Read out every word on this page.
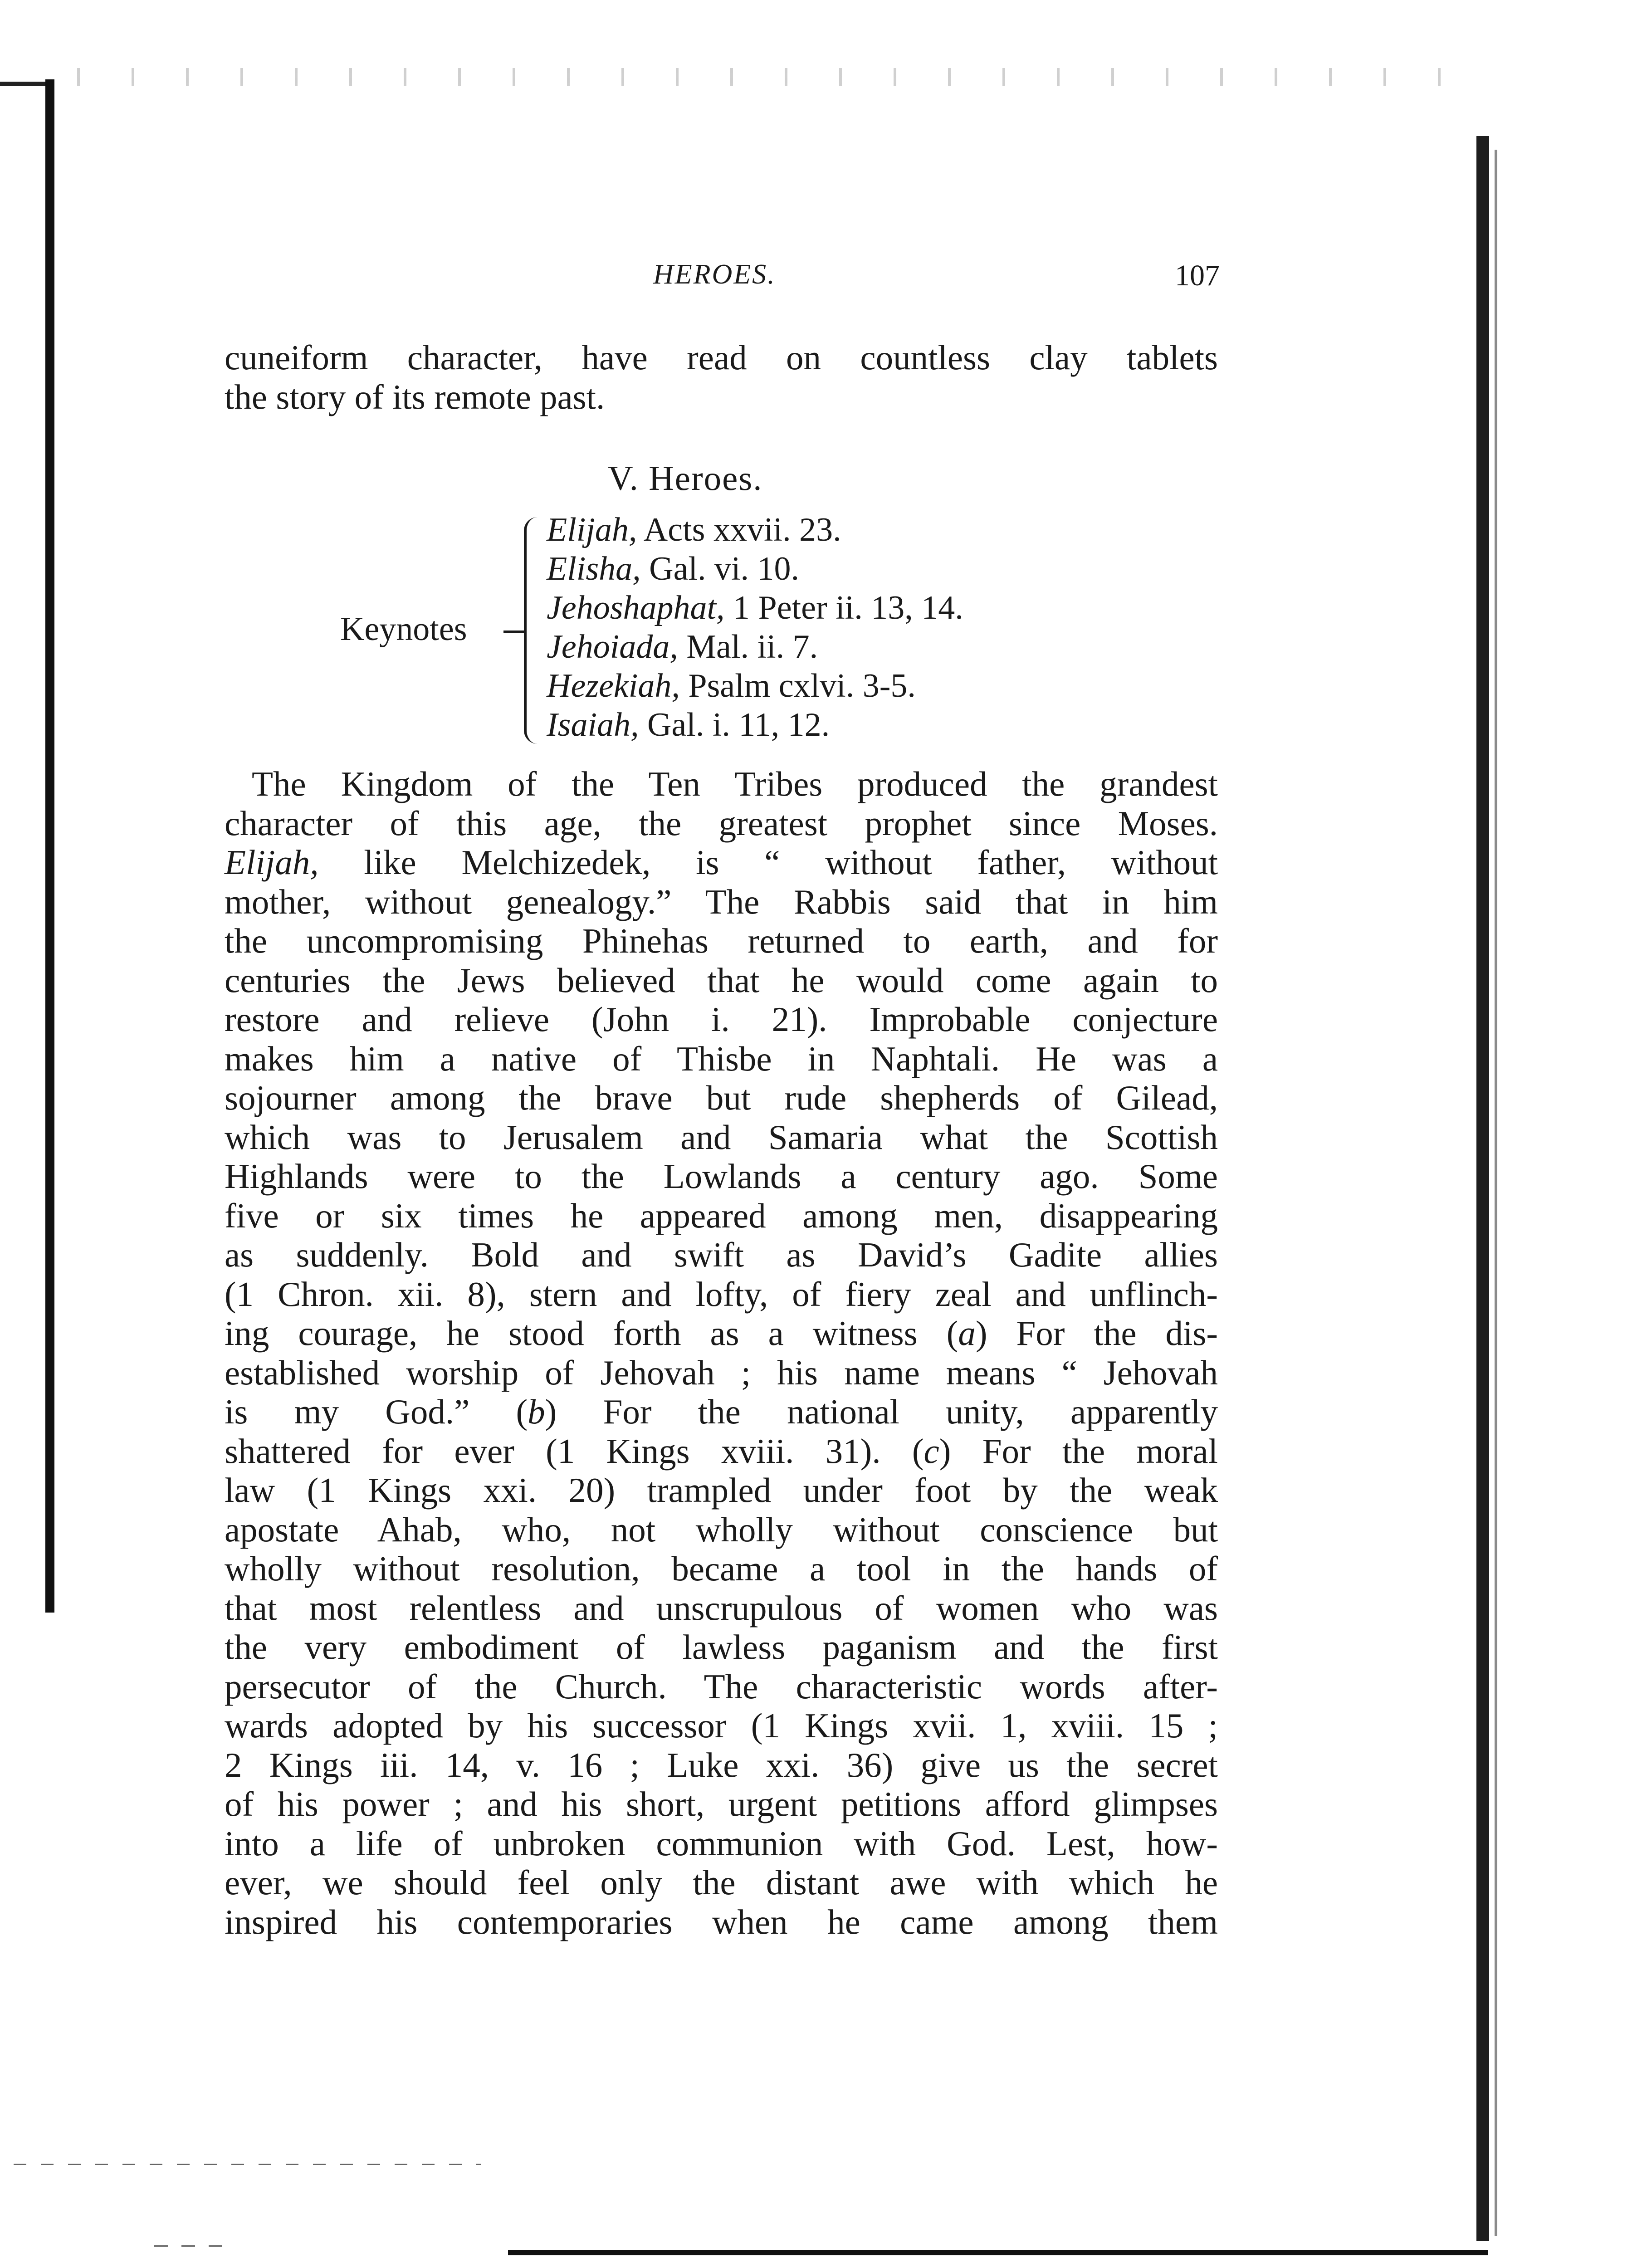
HEROES.	107
cuneiform character, have read on countless clay tablets
the story of its remote past.
V. Heroes.
Keynotes
Elijah, Acts xxvii. 23.
Elisha, Gal. vi. 10.
Jehoshaphat, 1 Peter ii. 13, 14.
Jehoiada, Mal. ii. 7.
Hezekiah, Psalm cxlvi. 3-5.
Isaiah, Gal. i. 11, 12.
The Kingdom of the Ten Tribes produced the grandest
character of this age, the greatest prophet since Moses.
Elijah, like Melchizedek, is “ without father, without
mother, without genealogy.” The Rabbis said that in him
the uncompromising Phinehas returned to earth, and for
centuries the Jews believed that he would come again to
restore and relieve (John i. 21). Improbable conjecture
makes him a native of Thisbe in Naphtali. He was a
sojourner among the brave but rude shepherds of Gilead,
which was to Jerusalem and Samaria what the Scottish
Highlands were to the Lowlands a century ago. Some
five or six times he appeared among men, disappearing
as suddenly. Bold and swift as David’s Gadite allies
(1 Chron. xii. 8), stern and lofty, of fiery zeal and unflinch-
ing courage, he stood forth as a witness (a) For the dis-
established worship of Jehovah ; his name means “ Jehovah
is my God.” (b) For the national unity, apparently
shattered for ever (1 Kings xviii. 31). (c) For the moral
law (1 Kings xxi. 20) trampled under foot by the weak
apostate Ahab, who, not wholly without conscience but
wholly without resolution, became a tool in the hands of
that most relentless and unscrupulous of women who was
the very embodiment of lawless paganism and the first
persecutor of the Church. The characteristic words after-
wards adopted by his successor (1 Kings xvii. 1, xviii. 15 ;
2 Kings iii. 14, v. 16 ; Luke xxi. 36) give us the secret
of his power ; and his short, urgent petitions afford glimpses
into a life of unbroken communion with God. Lest, how-
ever, we should feel only the distant awe with which he
inspired his contemporaries when he came among them
